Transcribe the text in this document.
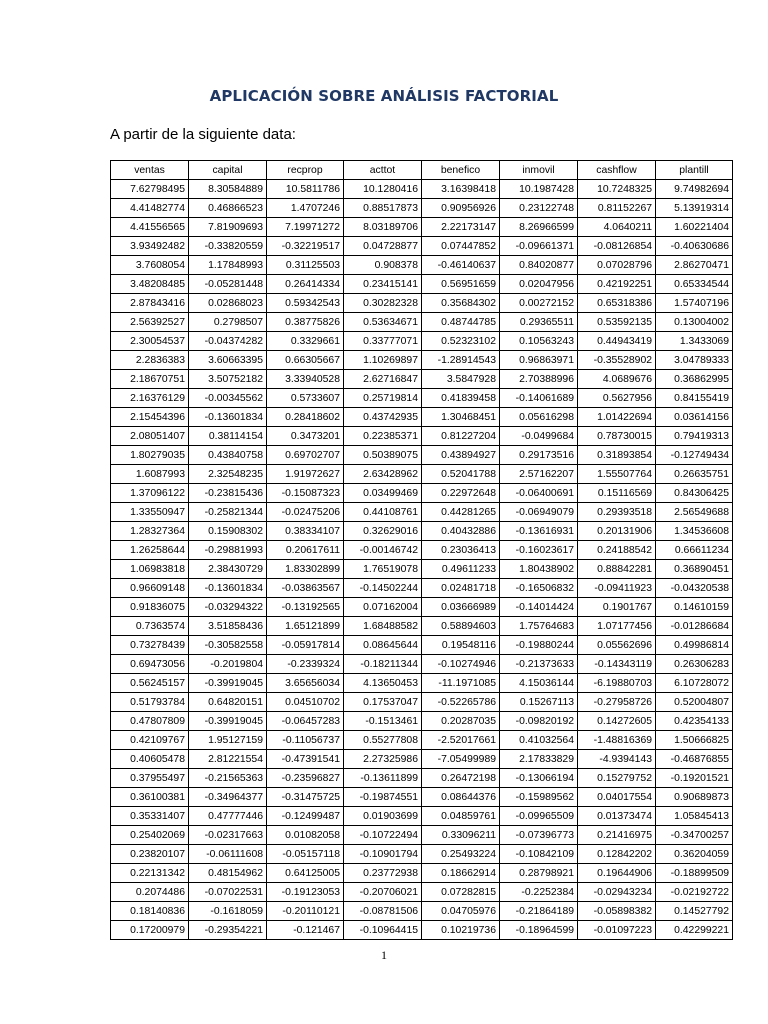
APLICACIÓN SOBRE ANÁLISIS FACTORIAL
A partir de la siguiente data:
ventas	capital	recprop	acttot	benefico	inmovil	cashflow	plantill
7.62798495	8.30584889	10.5811786	10.1280416	3.16398418	10.1987428	10.7248325	9.74982694
4.41482774	0.46866523	1.4707246	0.88517873	0.90956926	0.23122748	0.81152267	5.13919314
4.41556565	7.81909693	7.19971272	8.03189706	2.22173147	8.26966599	4.0640211	1.60221404
3.93492482	-0.33820559	-0.32219517	0.04728877	0.07447852	-0.09661371	-0.08126854	-0.40630686
3.7608054	1.17848993	0.31125503	0.908378	-0.46140637	0.84020877	0.07028796	2.86270471
3.48208485	-0.05281448	0.26414334	0.23415141	0.56951659	0.02047956	0.42192251	0.65334544
2.87843416	0.02868023	0.59342543	0.30282328	0.35684302	0.00272152	0.65318386	1.57407196
2.56392527	0.2798507	0.38775826	0.53634671	0.48744785	0.29365511	0.53592135	0.13004002
2.30054537	-0.04374282	0.3329661	0.33777071	0.52323102	0.10563243	0.44943419	1.3433069
2.2836383	3.60663395	0.66305667	1.10269897	-1.28914543	0.96863971	-0.35528902	3.04789333
2.18670751	3.50752182	3.33940528	2.62716847	3.5847928	2.70388996	4.0689676	0.36862995
2.16376129	-0.00345562	0.5733607	0.25719814	0.41839458	-0.14061689	0.5627956	0.84155419
2.15454396	-0.13601834	0.28418602	0.43742935	1.30468451	0.05616298	1.01422694	0.03614156
2.08051407	0.38114154	0.3473201	0.22385371	0.81227204	-0.0499684	0.78730015	0.79419313
1.80279035	0.43840758	0.69702707	0.50389075	0.43894927	0.29173516	0.31893854	-0.12749434
1.6087993	2.32548235	1.91972627	2.63428962	0.52041788	2.57162207	1.55507764	0.26635751
1.37096122	-0.23815436	-0.15087323	0.03499469	0.22972648	-0.06400691	0.15116569	0.84306425
1.33550947	-0.25821344	-0.02475206	0.44108761	0.44281265	-0.06949079	0.29393518	2.56549688
1.28327364	0.15908302	0.38334107	0.32629016	0.40432886	-0.13616931	0.20131906	1.34536608
1.26258644	-0.29881993	0.20617611	-0.00146742	0.23036413	-0.16023617	0.24188542	0.66611234
1.06983818	2.38430729	1.83302899	1.76519078	0.49611233	1.80438902	0.88842281	0.36890451
0.96609148	-0.13601834	-0.03863567	-0.14502244	0.02481718	-0.16506832	-0.09411923	-0.04320538
0.91836075	-0.03294322	-0.13192565	0.07162004	0.03666989	-0.14014424	0.1901767	0.14610159
0.7363574	3.51858436	1.65121899	1.68488582	0.58894603	1.75764683	1.07177456	-0.01286684
0.73278439	-0.30582558	-0.05917814	0.08645644	0.19548116	-0.19880244	0.05562696	0.49986814
0.69473056	-0.2019804	-0.2339324	-0.18211344	-0.10274946	-0.21373633	-0.14343119	0.26306283
0.56245157	-0.39919045	3.65656034	4.13650453	-11.1971085	4.15036144	-6.19880703	6.10728072
0.51793784	0.64820151	0.04510702	0.17537047	-0.52265786	0.15267113	-0.27958726	0.52004807
0.47807809	-0.39919045	-0.06457283	-0.1513461	0.20287035	-0.09820192	0.14272605	0.42354133
0.42109767	1.95127159	-0.11056737	0.55277808	-2.52017661	0.41032564	-1.48816369	1.50666825
0.40605478	2.81221554	-0.47391541	2.27325986	-7.05499989	2.17833829	-4.9394143	-0.46876855
0.37955497	-0.21565363	-0.23596827	-0.13611899	0.26472198	-0.13066194	0.15279752	-0.19201521
0.36100381	-0.34964377	-0.31475725	-0.19874551	0.08644376	-0.15989562	0.04017554	0.90689873
0.35331407	0.47777446	-0.12499487	0.01903699	0.04859761	-0.09965509	0.01373474	1.05845413
0.25402069	-0.02317663	0.01082058	-0.10722494	0.33096211	-0.07396773	0.21416975	-0.34700257
0.23820107	-0.06111608	-0.05157118	-0.10901794	0.25493224	-0.10842109	0.12842202	0.36204059
0.22131342	0.48154962	0.64125005	0.23772938	0.18662914	0.28798921	0.19644906	-0.18899509
0.2074486	-0.07022531	-0.19123053	-0.20706021	0.07282815	-0.2252384	-0.02943234	-0.02192722
0.18140836	-0.1618059	-0.20110121	-0.08781506	0.04705976	-0.21864189	-0.05898382	0.14527792
0.17200979	-0.29354221	-0.121467	-0.10964415	0.10219736	-0.18964599	-0.01097223	0.42299221
1
